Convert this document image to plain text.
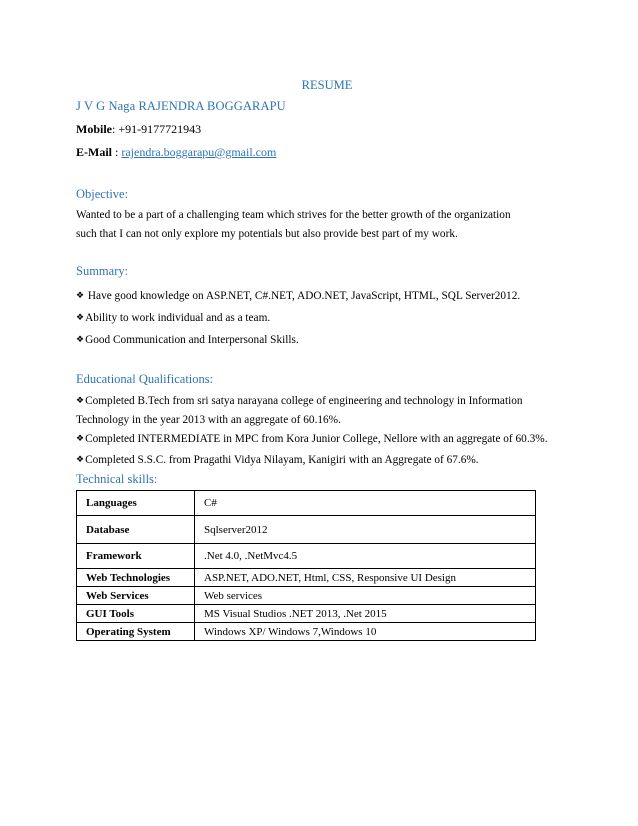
RESUME
J V G Naga RAJENDRA BOGGARAPU
Mobile: +91-9177721943
E-Mail : rajendra.boggarapu@gmail.com
Objective:
Wanted to be a part of a challenging team which strives for the better growth of the organization
such that I can not only explore my potentials but also provide best part of my work.
Summary:
❖ Have good knowledge on ASP.NET, C#.NET, ADO.NET, JavaScript, HTML, SQL Server2012.
❖Ability to work individual and as a team.
❖Good Communication and Interpersonal Skills.
Educational Qualifications:
❖Completed B.Tech from sri satya narayana college of engineering and technology in Information Technology in the year 2013 with an aggregate of 60.16%.
❖Completed INTERMEDIATE in MPC from Kora Junior College, Nellore with an aggregate of 60.3%.
❖Completed S.S.C. from Pragathi Vidya Nilayam, Kanigiri with an Aggregate of 67.6%.
Technical skills:
Languages	C#
Database	Sqlserver2012
Framework	.Net 4.0, .NetMvc4.5
Web Technologies	ASP.NET, ADO.NET, Html, CSS, Responsive UI Design
Web Services	Web services
GUI Tools	MS Visual Studios .NET 2013, .Net 2015
Operating System	Windows XP/ Windows 7,Windows 10
